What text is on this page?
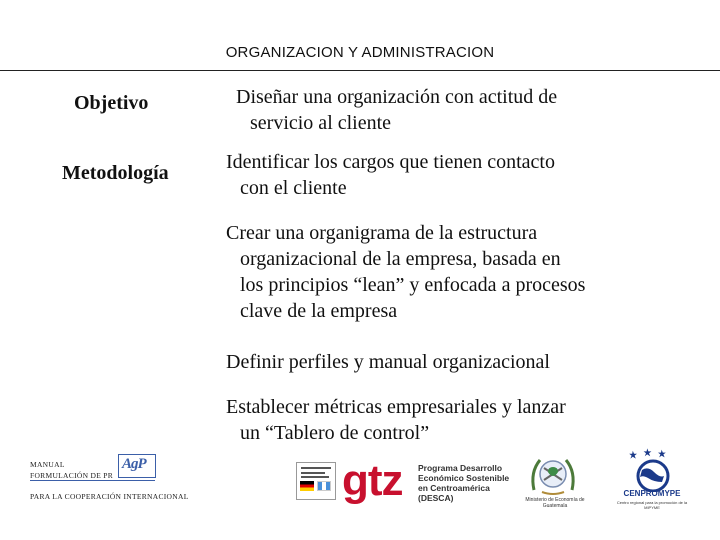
ORGANIZACION Y ADMINISTRACION
Objetivo
Metodología
Diseñar una organización con actitud de
servicio al cliente
Identificar los cargos que tienen contacto
con el cliente
Crear una organigrama de la estructura
organizacional de la empresa, basada en
los principios “lean” y enfocada a procesos
clave de la empresa
Definir perfiles y manual organizacional
Establecer métricas empresariales y lanzar
un “Tablero de control”
MANUAL
FORMULACIÓN DE PR
PARA LA COOPERACIÓN INTERNACIONAL
AgP	gtz Programa Desarrollo
Económico Sostenible
en Centroamérica
(DESCA)	Ministerio de Economía de Guatemala
CENPROMYPE
Centro regional para la promoción de la MIPYME
